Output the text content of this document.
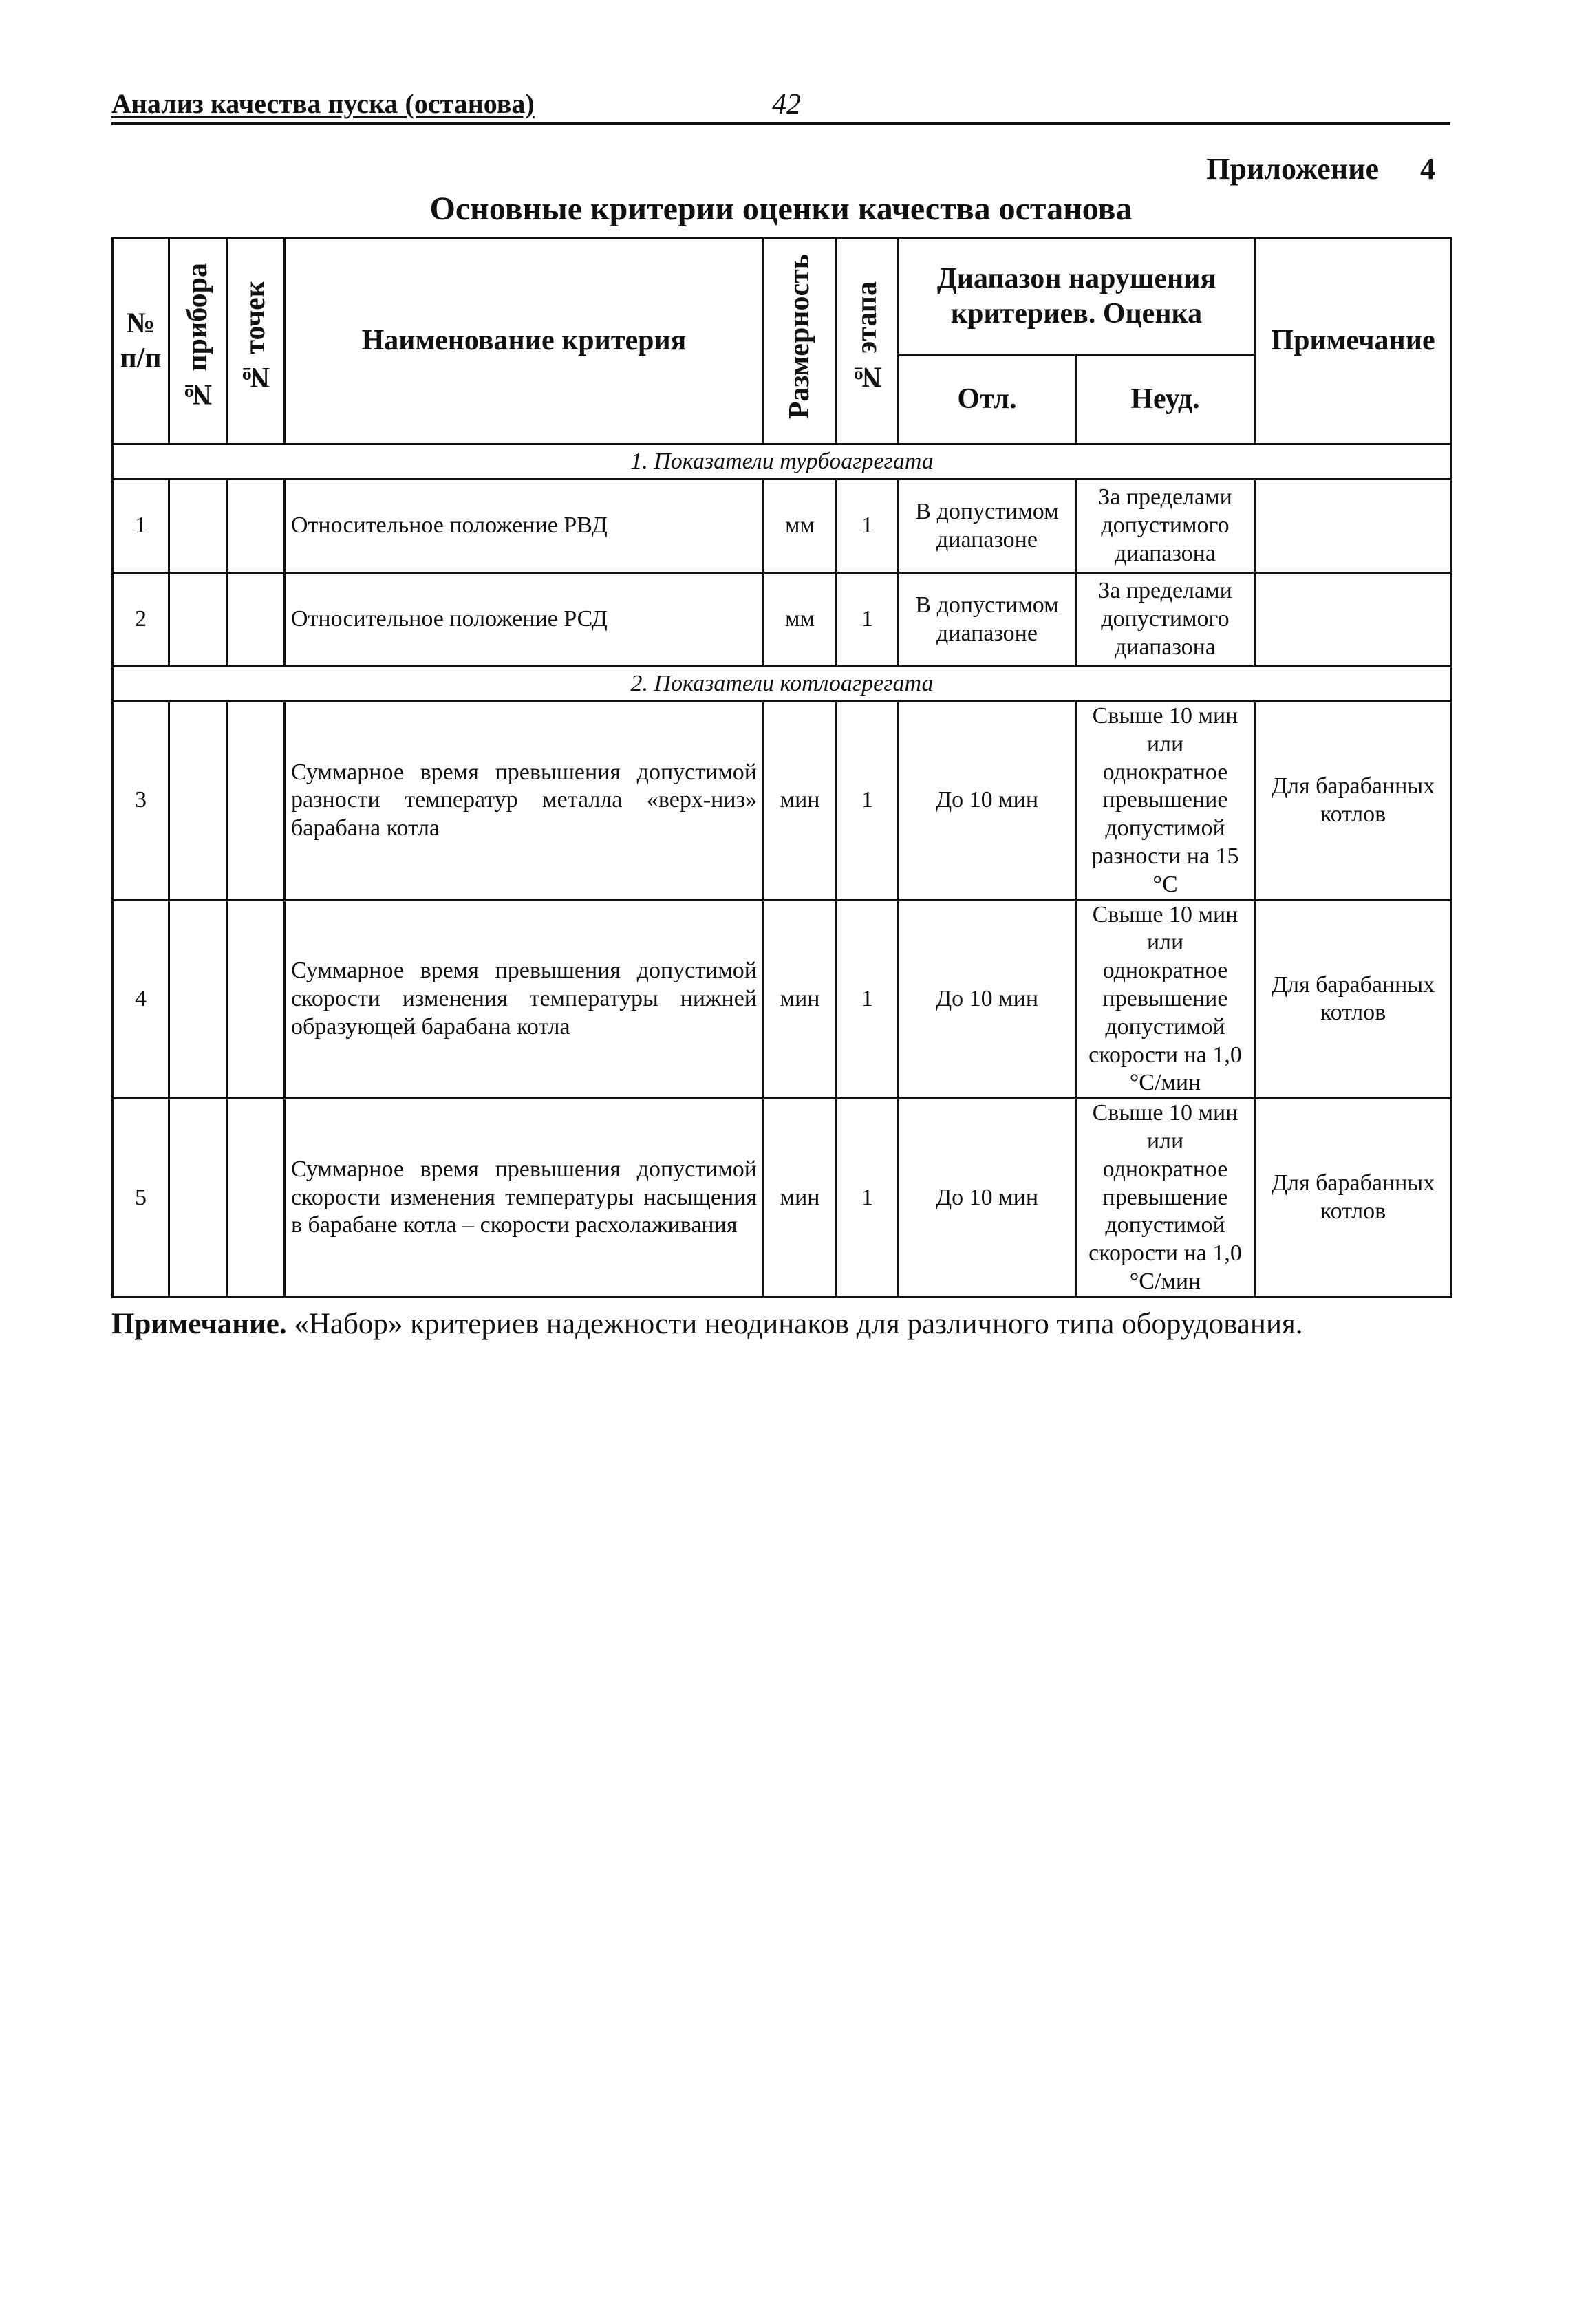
Анализ качества пуска (останова)	42
Приложение 4
Основные критерии оценки качества останова
№ п/п	№ прибора	№ точек	Наименование критерия	Размерность	№ этапа	Диапазон нарушения критериев. Оценка		Примечание
						Отл.	Неуд.	
1. Показатели турбоагрегата								
1			Относительное положение РВД	мм	1	В допустимом диапазоне	За пределами допустимого диапазона	
2			Относительное положение РСД	мм	1	В допустимом диапазоне	За пределами допустимого диапазона	
2. Показатели котлоагрегата								
3			Суммарное время превышения допустимой разности температур металла «верх-низ» барабана котла	мин	1	До 10 мин	Свыше 10 мин или однократное превышение допустимой разности на 15 °С	Для барабанных котлов
4			Суммарное время превышения допустимой скорости изменения температуры нижней образующей барабана котла	мин	1	До 10 мин	Свыше 10 мин или однократное превышение допустимой скорости на 1,0 °С/мин	Для барабанных котлов
5			Суммарное время превышения допустимой скорости изменения температуры насыщения в барабане котла – скорости расхолаживания	мин	1	До 10 мин	Свыше 10 мин или однократное превышение допустимой скорости на 1,0 °С/мин	Для барабанных котлов
Примечание. «Набор» критериев надежности неодинаков для различного типа оборудования.
